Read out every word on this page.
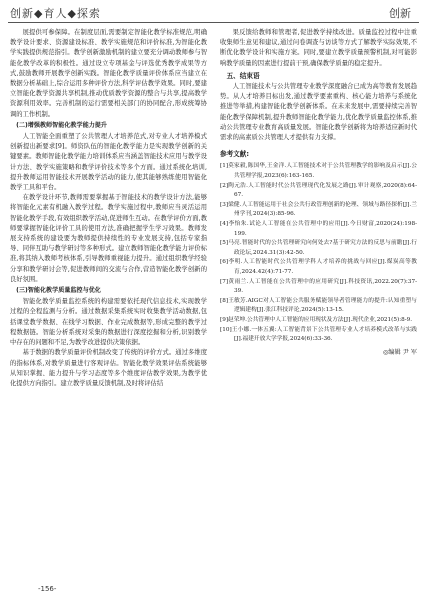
创新◆育人◆探索	创新

展提供可参保障。在制度层面,需要制定智能化教学标准规范,明确教学设计要求、资源建设标准、教学实施规范和评价标准,为智能化教学实践提供规范指引。教学创新激励机制的建立要充分调动教师参与智能化教学改革的积极性。通过设立专项基金与评选优秀教学成果等方式,鼓励教师开展教学创新实践。智能化教学质量评价体系应当建立在数据分析基础上,综合运用多种评价方法,科学评估教学效果。同时,要建立智能化教学资源共享机制,推动优质教学资源的整合与共享,提高教学资源利用效率。完善机制的运行需要相关部门的协同配合,形成统筹协调的工作机制。

(二)增强教师智能化教学能力提升

人工智能全面重塑了公共管理人才培养范式,对专业人才培养模式创新提出新要求[9]。师资队伍的智能化教学能力是实现教学创新的关键要素。教师智能化教学能力培训体系应当涵盖智能技术应用与教学设计方法、教学实施策略和教学评价技术等多个方面。通过系统化培训,提升教师运用智能技术开展教学活动的能力,使其能够熟练使用智能化教学工具和平台。

在教学设计环节,教师需要掌握基于智能技术的教学设计方法,能够将智能化元素有机融入教学过程。教学实施过程中,教师应当灵活运用智能化教学手段,有效组织教学活动,促进师生互动。在教学评价方面,教师要掌握智能化评价工具的使用方法,准确把握学生学习效果。教师发展支持系统的建设要为教师提供持续性的专业发展支持,包括专家指导、同伴互助与教学研讨等多种形式。建立教师智能化教学能力评价标准,将其纳入教师考核体系,引导教师重视能力提升。通过组织教学经验分享和教学研讨会等,促进教师间的交流与合作,营造智能化教学创新的良好氛围。

(三)智能化教学质量监控与优化

智能化教学质量监控系统的构建需要依托现代信息技术,实现教学过程的全程监测与分析。通过数据采集系统实时收集教学活动数据,包括课堂教学数据、在线学习数据、作业完成数据等,形成完整的教学过程数据链。智能分析系统对采集的数据进行深度挖掘和分析,识别教学中存在的问题和不足,为教学改进提供决策依据。

基于数据的教学质量评价机制改变了传统的评价方式。通过多维度的指标体系,对教学质量进行客观评估。智能化教学效果评估系统能够从知识掌握、能力提升与学习态度等多个维度评估教学效果,为教学优化提供方向指引。建立教学质量反馈机制,及时将评估结

果反馈给教师和管理者,促进教学持续改进。质量监控过程中注重收集师生意见和建议,通过问卷调查与访谈等方式了解教学实际效果,不断优化教学设计和实施方案。同时,要建立教学质量预警机制,对可能影响教学质量的因素进行提前干预,确保教学质量的稳定提升。

五、结束语

人工智能技术与公共管理专业教学深度融合已成为高等教育发展趋势。从人才培养目标出发,通过教学要素重构、核心能力培养与系统化推进等举措,构建智能化教学创新体系。在未来发展中,需要持续完善智能化教学保障机制,提升教师智能化教学能力,优化教学质量监控体系,推动公共管理专业教育高质量发展。智能化教学创新将为培养适应新时代需求的高素质公共管理人才提供有力支撑。

参考文献:

[1]莫家毅,陈国华,王金洋.人工智能技术对于公共管理教学的影响及启示[J].公共管理学报,2023(6):163-165.

[2]陶元浩.人工智能时代公共管理现代化发展之路[J].审计观察,2020(8):64-67.

[3]梁健.人工智能运用于社会公共行政管理创新的伦理、领域与路径探析[J].兰州学刊,2024(3):85-96.

[4]李怡朱.试论人工智能在公共管理中的应用[J].今日财富,2020(24):198-199.

[5]马亮.智能时代的公共管理研究向何处去?基于研究方法的反思与前瞻[J].行政论坛,2024.31(3):42-50.

[6]李明.人工智能时代公共管理学科人才培养的挑战与回应[J].煤炭高等教育,2024.42(4):71-77.

[7]黄雨兰.人工智能在公共管理中的应用研究[J].科技资讯,2022.20(7):37-39.

[8]王敏芳.AIGC对人工智能公共服务赋能领导者管理能力的提升:认知重塑与逻辑建构[J].张江科技评论,2024(5):13-15.

[9]赵荣坤.公共管理中人工智能的应用现状及方法[J].现代企业,2021(5):8-9.

[10]王小娜.一体五翼:人工智能背景下公共管理专业人才培养模式改革与实践[J].福建开放大学学报,2024(6):33-36.

◎编辑 尹 军

-156-
